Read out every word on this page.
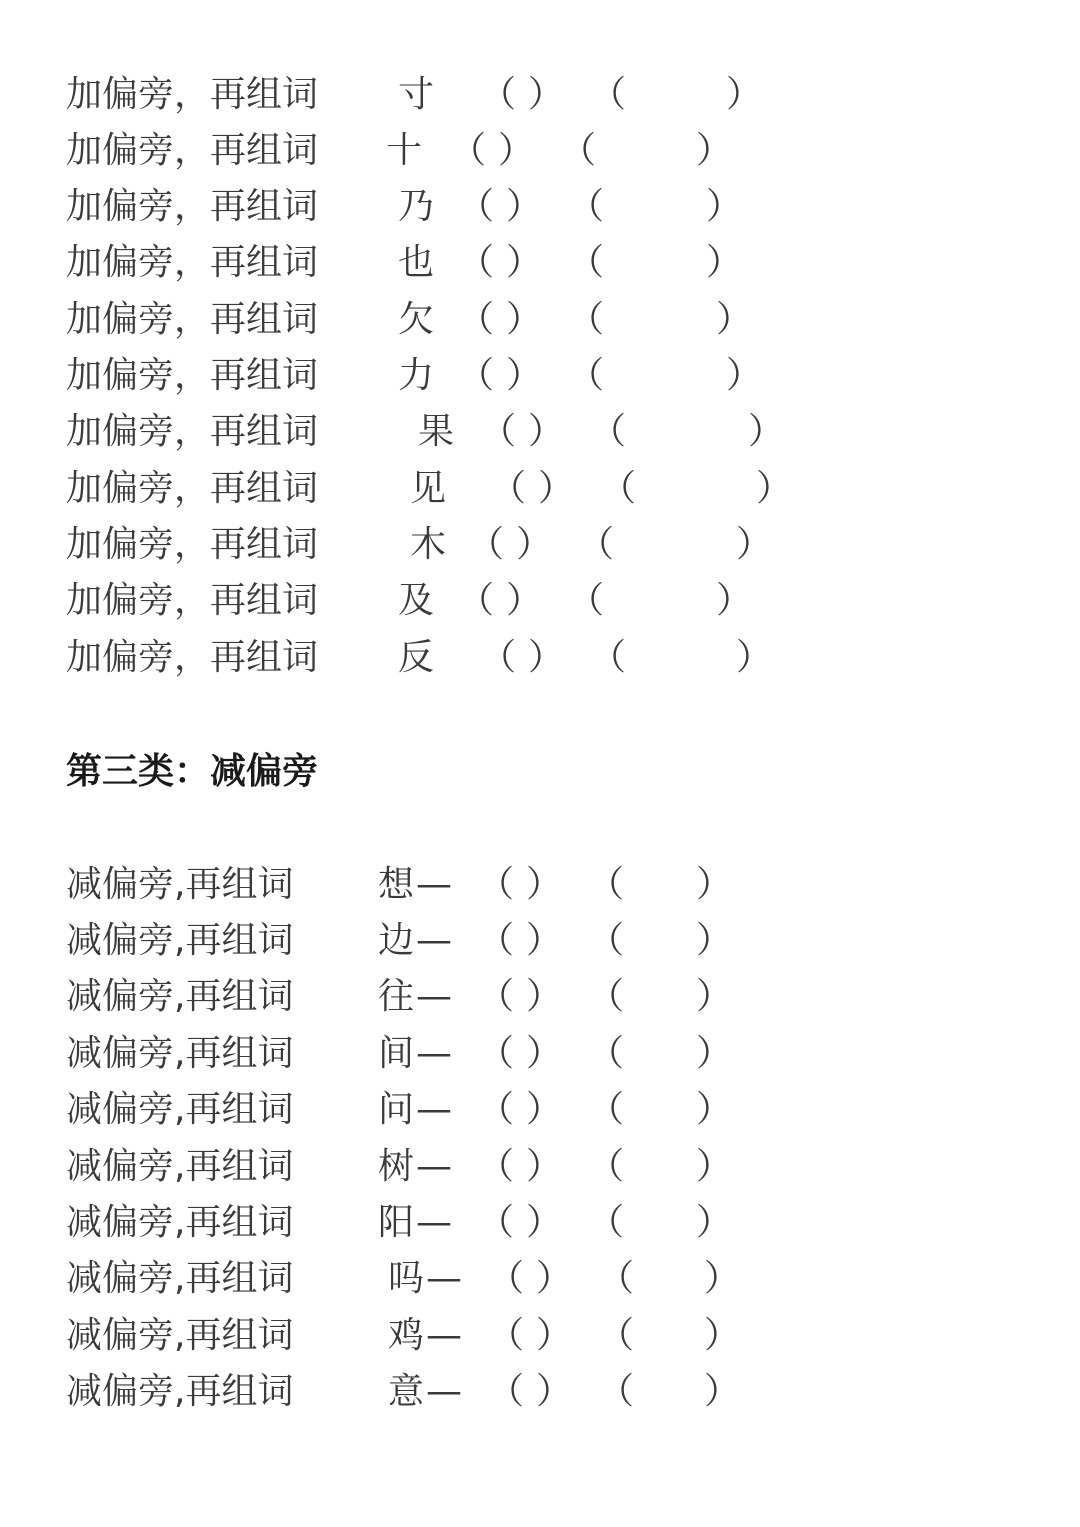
加偏旁，再组词 寸 （ ） （	）
加偏旁，再组词 十 （ ） （	）
加偏旁，再组词 乃 （ ） （	）
加偏旁，再组词 也 （ ） （	）
加偏旁，再组词 欠 （ ） （	）
加偏旁，再组词 力 （ ） （	）
加偏旁，再组词	果 （ ） （	）
加偏旁，再组词	见 （ ） （	）
加偏旁，再组词	木 （ ） （	）
加偏旁，再组词 及 （ ） （	）
加偏旁，再组词 反 （ ） （	）
第三类：减偏旁
减偏旁,再组词 想 — （ ） （ ）
减偏旁,再组词 边 — （ ） （ ）
减偏旁,再组词 往 — （ ） （ ）
减偏旁,再组词 间 — （ ） （ ）
减偏旁,再组词 问 — （ ） （ ）
减偏旁,再组词 树 — （ ） （ ）
减偏旁,再组词 阳 — （ ） （ ）
减偏旁,再组词	吗 — （ ） （ ）
减偏旁,再组词	鸡 — （ ） （ ）
减偏旁,再组词	意 — （ ） （ ）
